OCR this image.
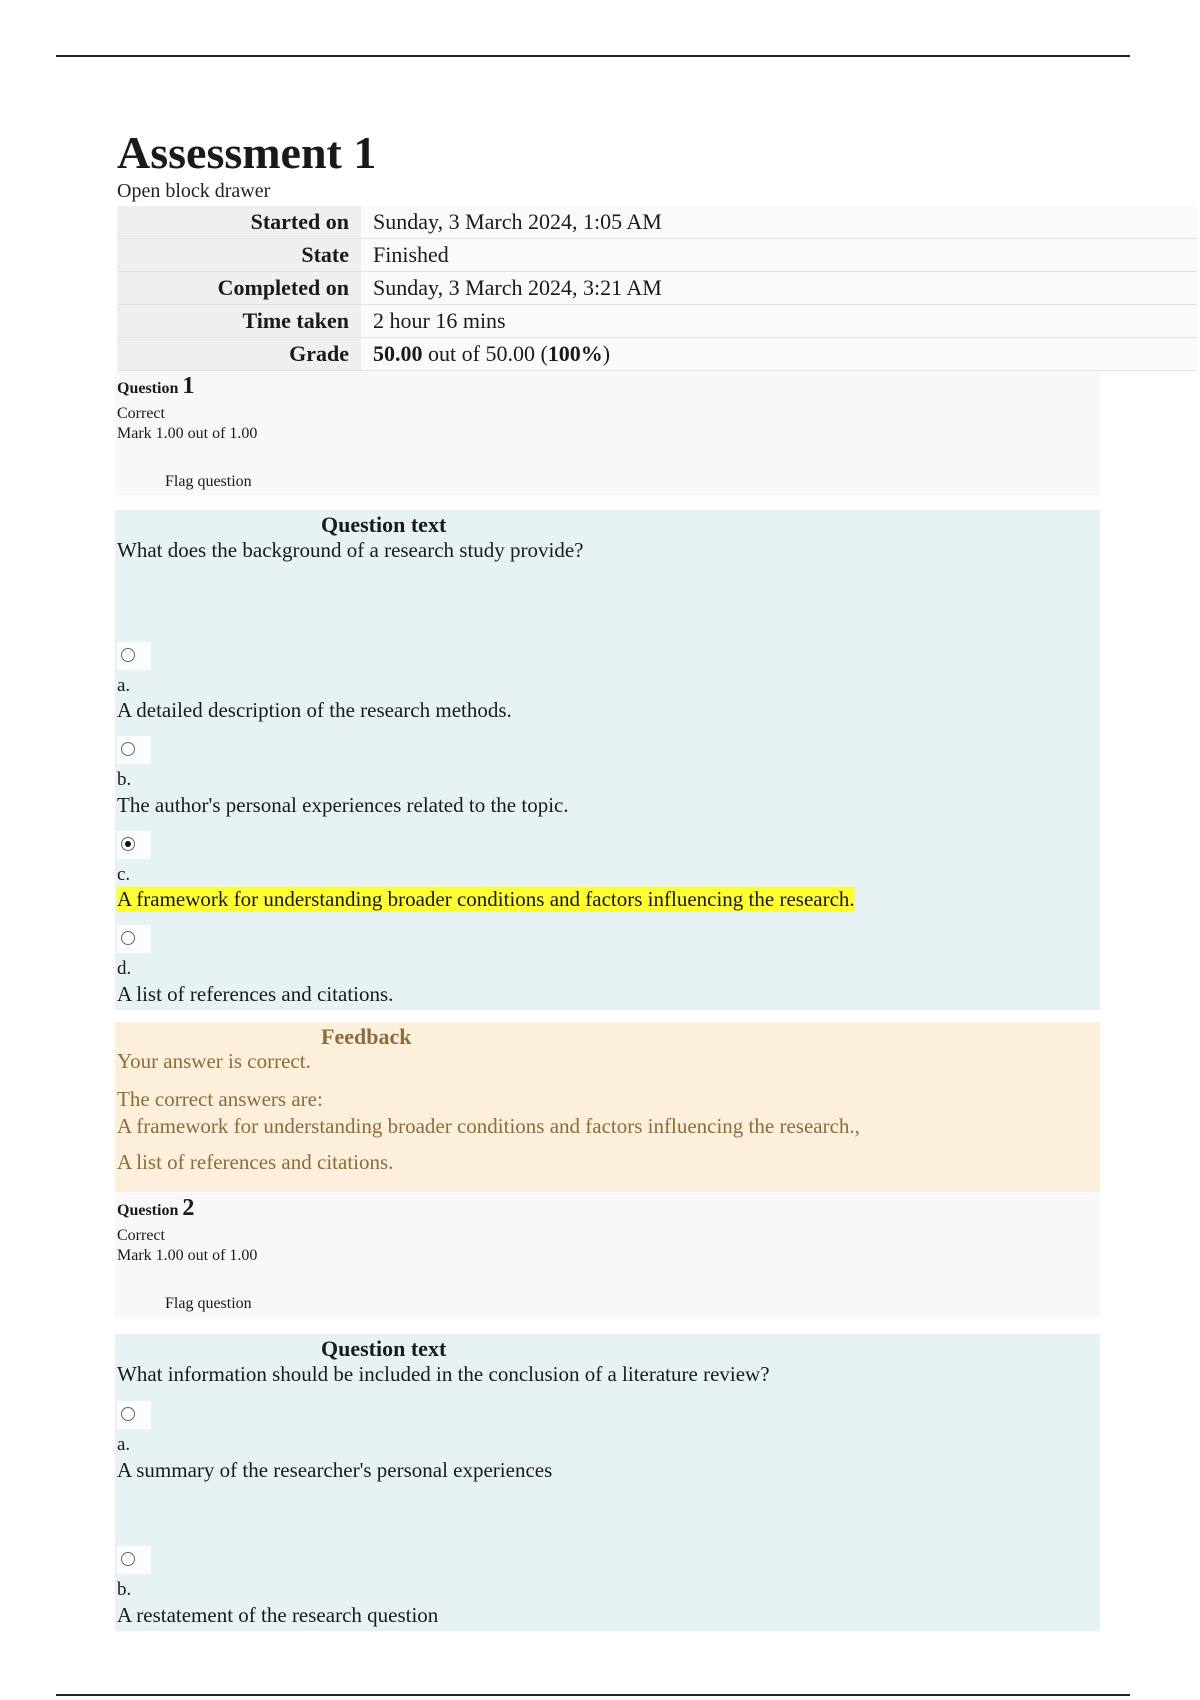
Assessment 1
Open block drawer
Started on	Sunday, 3 March 2024, 1:05 AM
State	Finished
Completed on	Sunday, 3 March 2024, 3:21 AM
Time taken	2 hour 16 mins
Grade	50.00 out of 50.00 (100%)
Question 1
Correct
Mark 1.00 out of 1.00
Flag question
Question text

What does the background of a research study provide?

a.
A detailed description of the research methods.
b.
The author's personal experiences related to the topic.
c.
A framework for understanding broader conditions and factors influencing the research.
d.
A list of references and citations.
Feedback

Your answer is correct.

The correct answers are:

A framework for understanding broader conditions and factors influencing the research.,

A list of references and citations.

Question 2
Correct
Mark 1.00 out of 1.00
Flag question
Question text

What information should be included in the conclusion of a literature review?

a.
A summary of the researcher's personal experiences
b.
A restatement of the research question
